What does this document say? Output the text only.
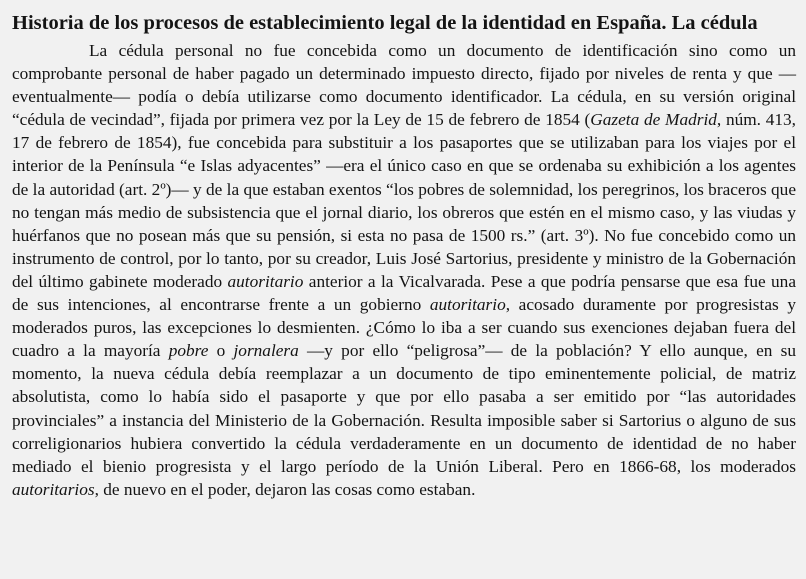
Historia de los procesos de establecimiento legal de la identidad en España. La cédula

La cédula personal no fue concebida como un documento de identificación sino como un comprobante personal de haber pagado un determinado impuesto directo, fijado por niveles de renta y que —eventualmente— podía o debía utilizarse como documento identificador. La cédula, en su versión original “cédula de vecindad”, fijada por primera vez por la Ley de 15 de febrero de 1854 (Gazeta de Madrid, núm. 413, 17 de febrero de 1854), fue concebida para substituir a los pasaportes que se utilizaban para los viajes por el interior de la Península “e Islas adyacentes” —era el único caso en que se ordenaba su exhibición a los agentes de la autoridad (art. 2º)— y de la que estaban exentos “los pobres de solemnidad, los peregrinos, los braceros que no tengan más medio de subsistencia que el jornal diario, los obreros que estén en el mismo caso, y las viudas y huérfanos que no posean más que su pensión, si esta no pasa de 1500 rs.” (art. 3º). No fue concebido como un instrumento de control, por lo tanto, por su creador, Luis José Sartorius, presidente y ministro de la Gobernación del último gabinete moderado autoritario anterior a la Vicalvarada. Pese a que podría pensarse que esa fue una de sus intenciones, al encontrarse frente a un gobierno autoritario, acosado duramente por progresistas y moderados puros, las excepciones lo desmienten. ¿Cómo lo iba a ser cuando sus exenciones dejaban fuera del cuadro a la mayoría pobre o jornalera —y por ello “peligrosa”— de la población? Y ello aunque, en su momento, la nueva cédula debía reemplazar a un documento de tipo eminentemente policial, de matriz absolutista, como lo había sido el pasaporte y que por ello pasaba a ser emitido por “las autoridades provinciales” a instancia del Ministerio de la Gobernación. Resulta imposible saber si Sartorius o alguno de sus correligionarios hubiera convertido la cédula verdaderamente en un documento de identidad de no haber mediado el bienio progresista y el largo período de la Unión Liberal. Pero en 1866-68, los moderados autoritarios, de nuevo en el poder, dejaron las cosas como estaban.
